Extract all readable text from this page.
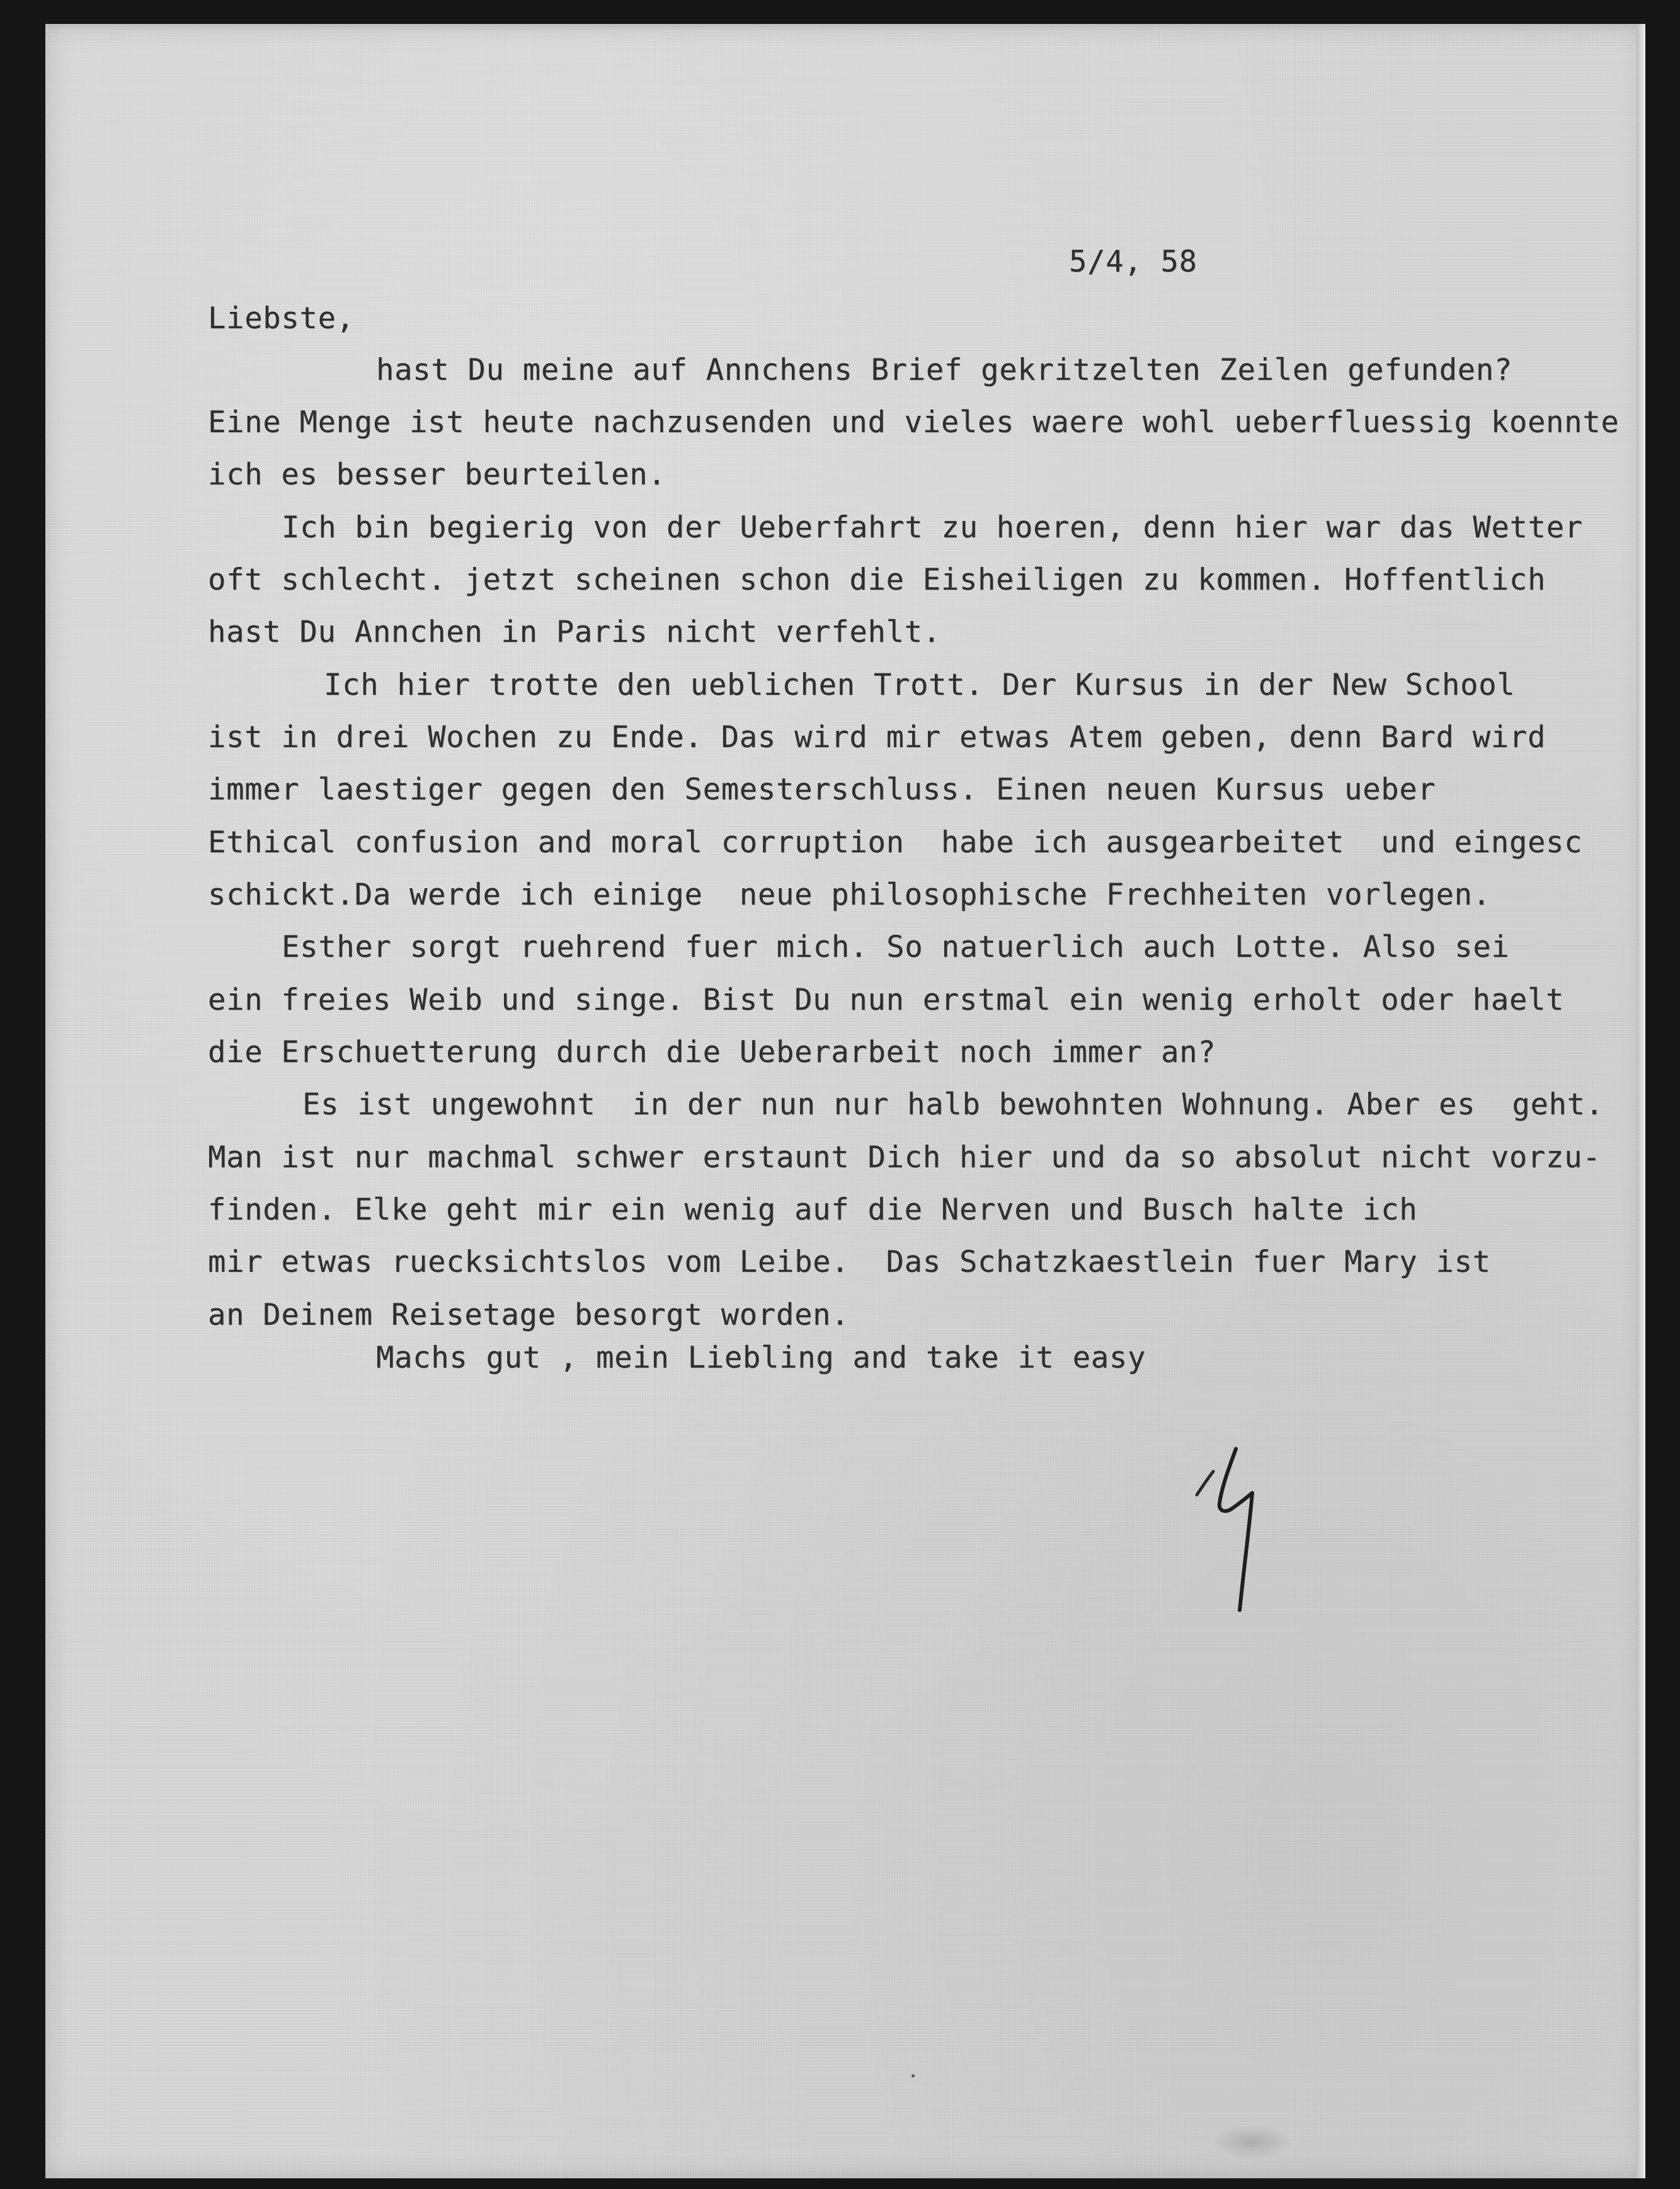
5/4, 58

Liebste,

hast Du meine auf Annchens Brief gekritzelten Zeilen gefunden?

Eine Menge ist heute nachzusenden und vieles waere wohl ueberfluessig koennte

ich es besser beurteilen.

Ich bin begierig von der Ueberfahrt zu hoeren, denn hier war das Wetter

oft schlecht. jetzt scheinen schon die Eisheiligen zu kommen. Hoffentlich

hast Du Annchen in Paris nicht verfehlt.

Ich hier trotte den ueblichen Trott. Der Kursus in der New School

ist in drei Wochen zu Ende. Das wird mir etwas Atem geben, denn Bard wird

immer laestiger gegen den Semesterschluss. Einen neuen Kursus ueber

Ethical confusion and moral corruption  habe ich ausgearbeitet  und eingesc

schickt.Da werde ich einige  neue philosophische Frechheiten vorlegen.

Esther sorgt ruehrend fuer mich. So natuerlich auch Lotte. Also sei

ein freies Weib und singe. Bist Du nun erstmal ein wenig erholt oder haelt

die Erschuetterung durch die Ueberarbeit noch immer an?

Es ist ungewohnt  in der nun nur halb bewohnten Wohnung. Aber es  geht.

Man ist nur machmal schwer erstaunt Dich hier und da so absolut nicht vorzu-

finden. Elke geht mir ein wenig auf die Nerven und Busch halte ich

mir etwas ruecksichtslos vom Leibe.  Das Schatzkaestlein fuer Mary ist

an Deinem Reisetage besorgt worden.

Machs gut , mein Liebling and take it easy
